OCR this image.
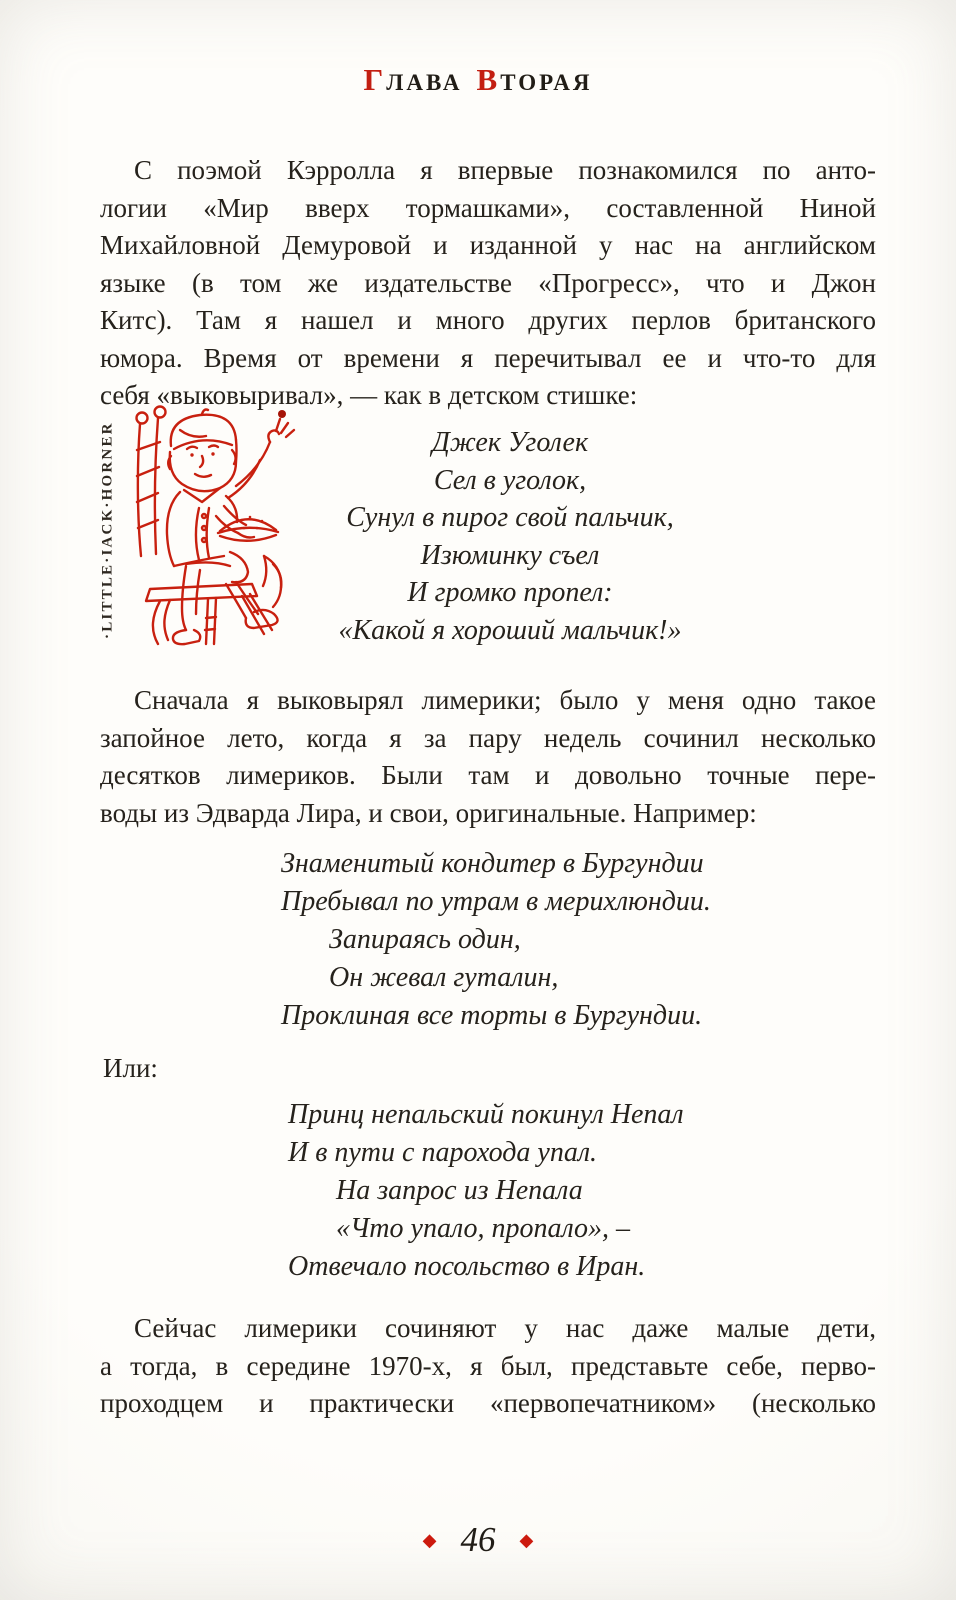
ГЛАВА ВТОРАЯ
С поэмой Кэрролла я впервые познакомился по анто-
логии «Мир вверх тормашками», составленной Ниной
Михайловной Демуровой и изданной у нас на английском
языке (в том же издательстве «Прогресс», что и Джон
Китс). Там я нашел и много других перлов британского
юмора. Время от времени я перечитывал ее и что-то для
себя «выковыривал», — как в детском стишке:
·LITTLE·IACK·HORNER	Джек Уголек
Сел в уголок,
Сунул в пирог свой пальчик,
Изюминку съел
И громко пропел:
«Какой я хороший мальчик!»
Сначала я выковырял лимерики; было у меня одно такое
запойное лето, когда я за пару недель сочинил несколько
десятков лимериков. Были там и довольно точные пере-
воды из Эдварда Лира, и свои, оригинальные. Например:
Знаменитый кондитер в Бургундии
Пребывал по утрам в мерихлюндии.
Запираясь один,
Он жевал гуталин,
Проклиная все торты в Бургундии.
Или:
Принц непальский покинул Непал
И в пути с парохода упал.
На запрос из Непала
«Что упало, пропало», –
Отвечало посольство в Иран.
Сейчас лимерики сочиняют у нас даже малые дети,
а тогда, в середине 1970-х, я был, представьте себе, перво-
проходцем и практически «первопечатником» (несколько
◆ 46 ◆
